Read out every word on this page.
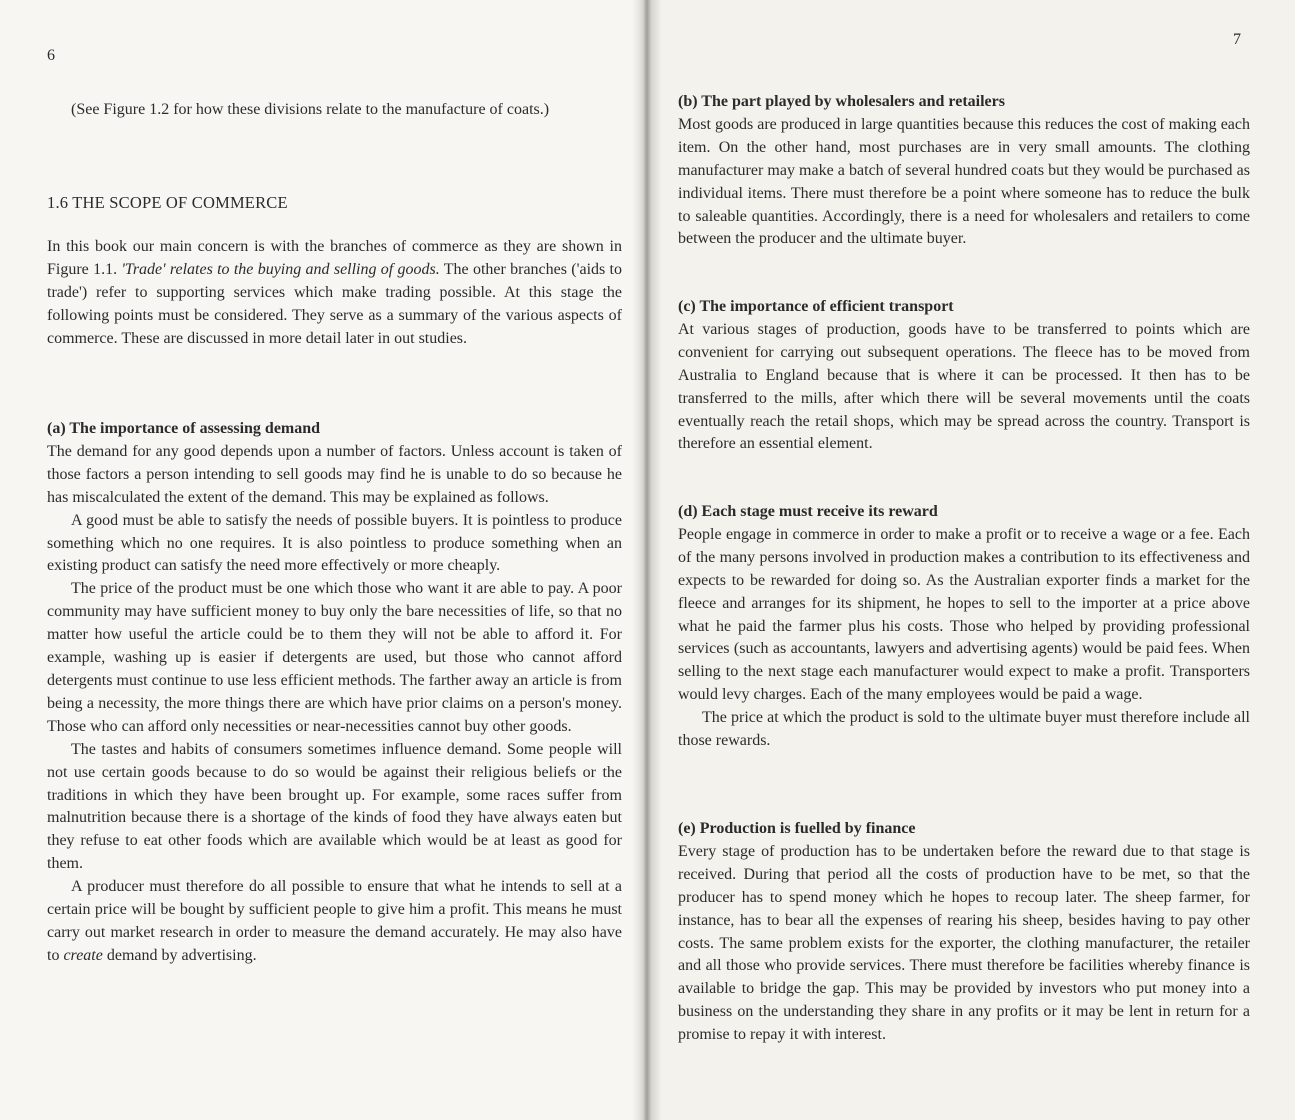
6

(See Figure 1.2 for how these divisions relate to the manufacture of coats.)

1.6 THE SCOPE OF COMMERCE

In this book our main concern is with the branches of commerce as they are shown in Figure 1.1. 'Trade' relates to the buying and selling of goods. The other branches ('aids to trade') refer to supporting services which make trading possible. At this stage the following points must be considered. They serve as a summary of the various aspects of commerce. These are discussed in more detail later in out studies.

(a) The importance of assessing demand

The demand for any good depends upon a number of factors. Unless account is taken of those factors a person intending to sell goods may find he is unable to do so because he has miscalculated the extent of the demand. This may be explained as follows.

A good must be able to satisfy the needs of possible buyers. It is pointless to produce something which no one requires. It is also pointless to produce something when an existing product can satisfy the need more effectively or more cheaply.

The price of the product must be one which those who want it are able to pay. A poor community may have sufficient money to buy only the bare necessities of life, so that no matter how useful the article could be to them they will not be able to afford it. For example, washing up is easier if detergents are used, but those who cannot afford detergents must continue to use less efficient methods. The farther away an article is from being a necessity, the more things there are which have prior claims on a person's money. Those who can afford only necessities or near-necessities cannot buy other goods.

The tastes and habits of consumers sometimes influence demand. Some people will not use certain goods because to do so would be against their religious beliefs or the traditions in which they have been brought up. For example, some races suffer from malnutrition because there is a shortage of the kinds of food they have always eaten but they refuse to eat other foods which are available which would be at least as good for them.

A producer must therefore do all possible to ensure that what he intends to sell at a certain price will be bought by sufficient people to give him a profit. This means he must carry out market research in order to measure the demand accurately. He may also have to create demand by advertising.

7
(b) The part played by wholesalers and retailers

Most goods are produced in large quantities because this reduces the cost of making each item. On the other hand, most purchases are in very small amounts. The clothing manufacturer may make a batch of several hundred coats but they would be purchased as individual items. There must therefore be a point where someone has to reduce the bulk to saleable quantities. Accordingly, there is a need for wholesalers and retailers to come between the producer and the ultimate buyer.

(c) The importance of efficient transport

At various stages of production, goods have to be transferred to points which are convenient for carrying out subsequent operations. The fleece has to be moved from Australia to England because that is where it can be processed. It then has to be transferred to the mills, after which there will be several movements until the coats eventually reach the retail shops, which may be spread across the country. Transport is therefore an essential element.

(d) Each stage must receive its reward

People engage in commerce in order to make a profit or to receive a wage or a fee. Each of the many persons involved in production makes a contribution to its effectiveness and expects to be rewarded for doing so. As the Australian exporter finds a market for the fleece and arranges for its shipment, he hopes to sell to the importer at a price above what he paid the farmer plus his costs. Those who helped by providing professional services (such as accountants, lawyers and advertising agents) would be paid fees. When selling to the next stage each manufacturer would expect to make a profit. Transporters would levy charges. Each of the many employees would be paid a wage.

The price at which the product is sold to the ultimate buyer must therefore include all those rewards.

(e) Production is fuelled by finance

Every stage of production has to be undertaken before the reward due to that stage is received. During that period all the costs of production have to be met, so that the producer has to spend money which he hopes to recoup later. The sheep farmer, for instance, has to bear all the expenses of rearing his sheep, besides having to pay other costs. The same problem exists for the exporter, the clothing manufacturer, the retailer and all those who provide services. There must therefore be facilities whereby finance is available to bridge the gap. This may be provided by investors who put money into a business on the understanding they share in any profits or it may be lent in return for a promise to repay it with interest.
